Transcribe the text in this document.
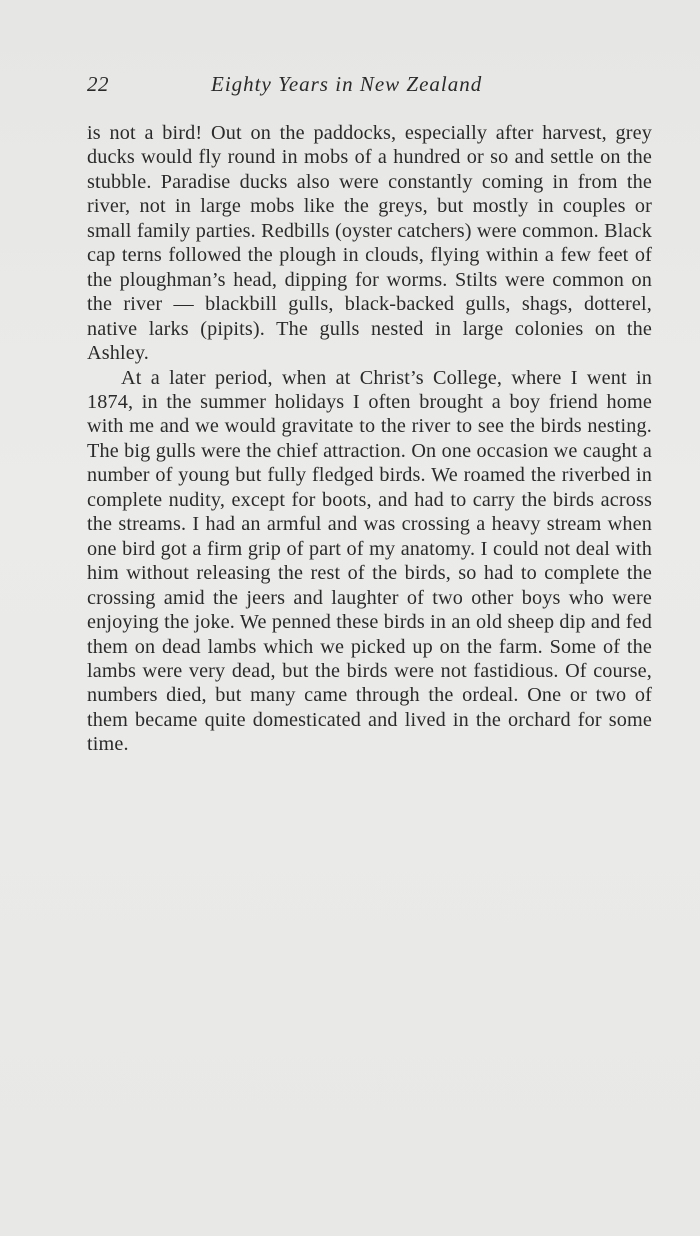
22	Eighty Years in New Zealand

is not a bird! Out on the paddocks, especially after harvest, grey ducks would fly round in mobs of a hundred or so and settle on the stubble. Paradise ducks also were constantly coming in from the river, not in large mobs like the greys, but mostly in couples or small family parties. Redbills (oyster catchers) were common. Black cap terns followed the plough in clouds, flying within a few feet of the ploughman’s head, dipping for worms. Stilts were common on the river — blackbill gulls, black-backed gulls, shags, dotterel, native larks (pipits). The gulls nested in large colonies on the Ashley.

At a later period, when at Christ’s College, where I went in 1874, in the summer holidays I often brought a boy friend home with me and we would gravitate to the river to see the birds nesting. The big gulls were the chief attraction. On one occasion we caught a number of young but fully fledged birds. We roamed the riverbed in complete nudity, except for boots, and had to carry the birds across the streams. I had an armful and was crossing a heavy stream when one bird got a firm grip of part of my anatomy. I could not deal with him without releasing the rest of the birds, so had to complete the crossing amid the jeers and laughter of two other boys who were enjoying the joke. We penned these birds in an old sheep dip and fed them on dead lambs which we picked up on the farm. Some of the lambs were very dead, but the birds were not fastidious. Of course, numbers died, but many came through the ordeal. One or two of them became quite domesticated and lived in the orchard for some time.
